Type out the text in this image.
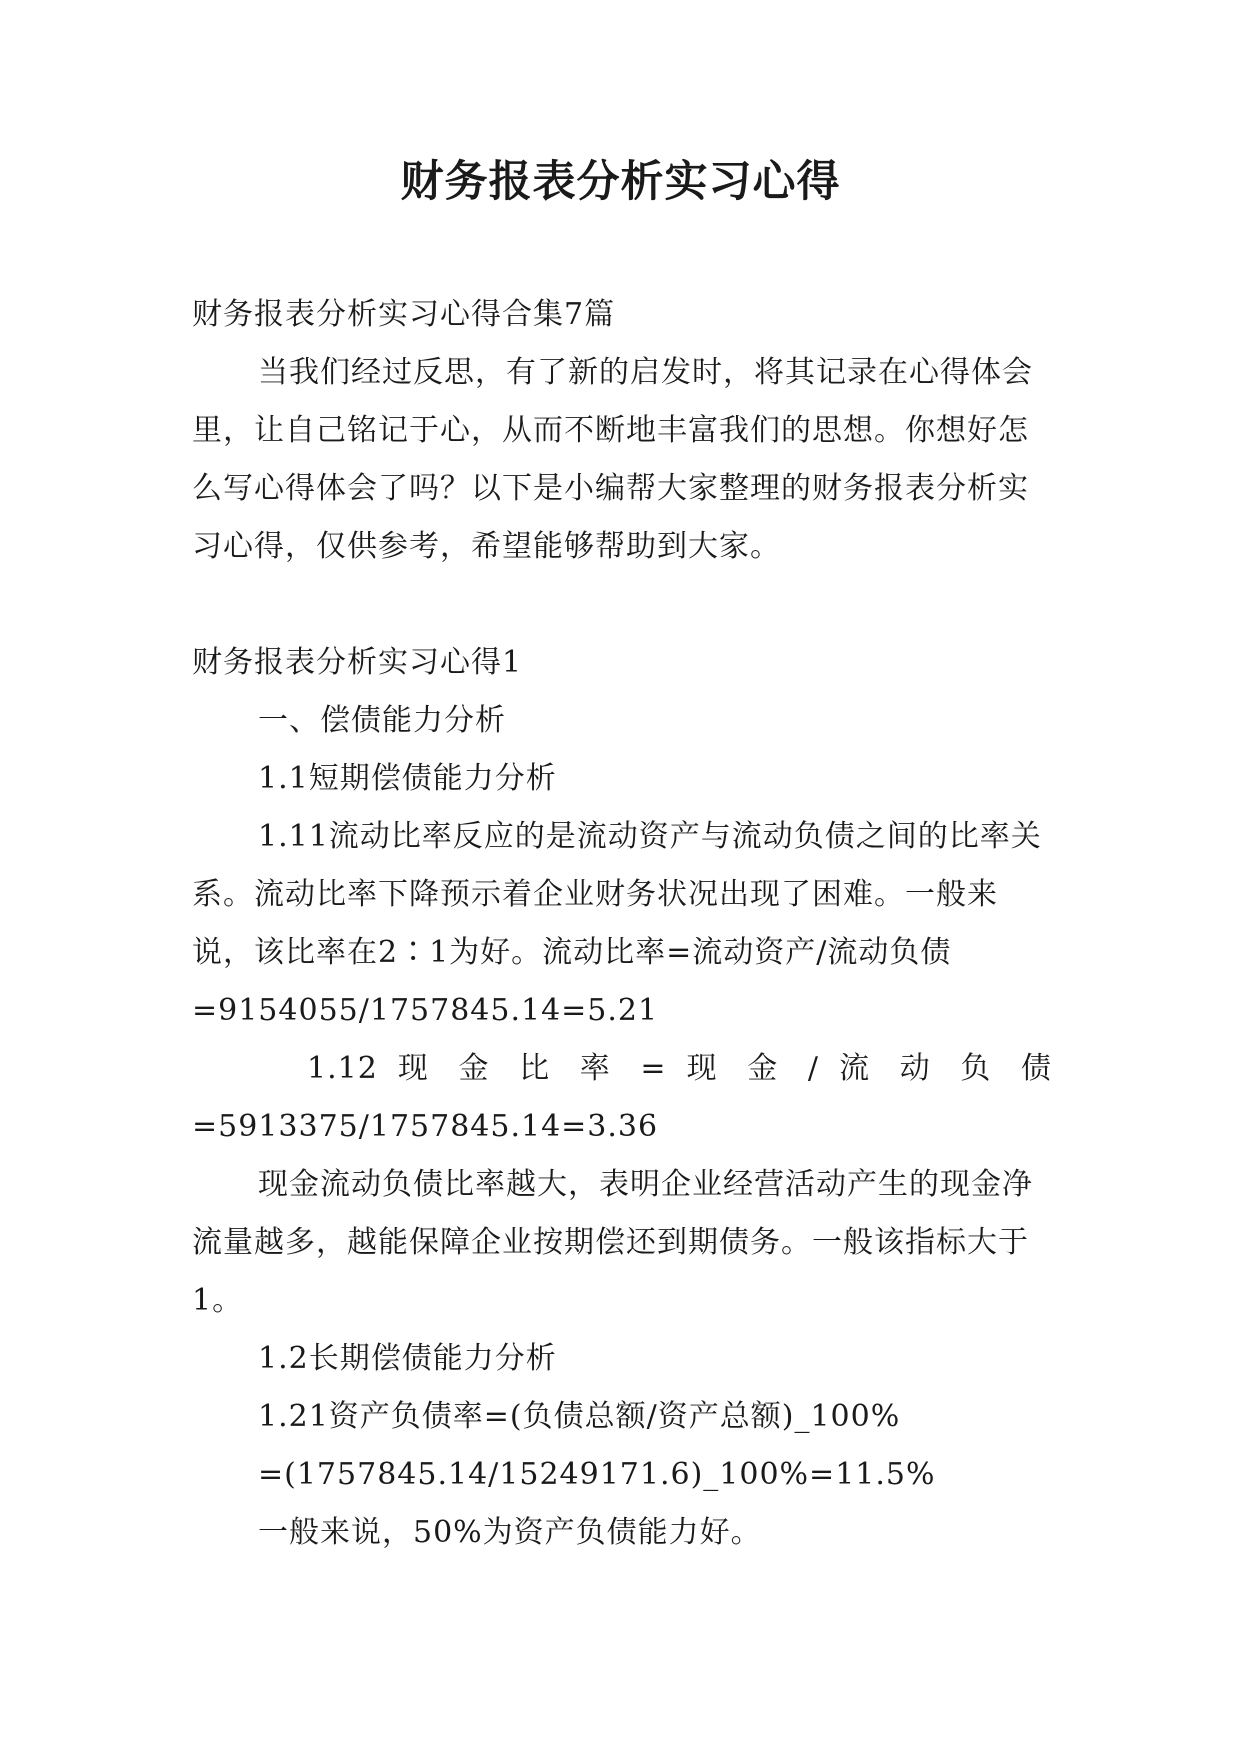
财务报表分析实习心得

财务报表分析实习心得合集7篇

当我们经过反思，有了新的启发时，将其记录在心得体会里，让自己铭记于心，从而不断地丰富我们的思想。你想好怎么写心得体会了吗？以下是小编帮大家整理的财务报表分析实习心得，仅供参考，希望能够帮助到大家。

财务报表分析实习心得1

一、偿债能力分析

1.1短期偿债能力分析

1.11流动比率反应的是流动资产与流动负债之间的比率关系。流动比率下降预示着企业财务状况出现了困难。一般来说，该比率在2∶1为好。流动比率=流动资产/流动负债=9154055/1757845.14=5.21

1.12 现 金 比 率 = 现 金 / 流 动 负 债

=5913375/1757845.14=3.36

现金流动负债比率越大，表明企业经营活动产生的现金净流量越多，越能保障企业按期偿还到期债务。一般该指标大于1。

1.2长期偿债能力分析

1.21资产负债率=(负债总额/资产总额)_100%

=(1757845.14/15249171.6)_100%=11.5%

一般来说，50%为资产负债能力好。
